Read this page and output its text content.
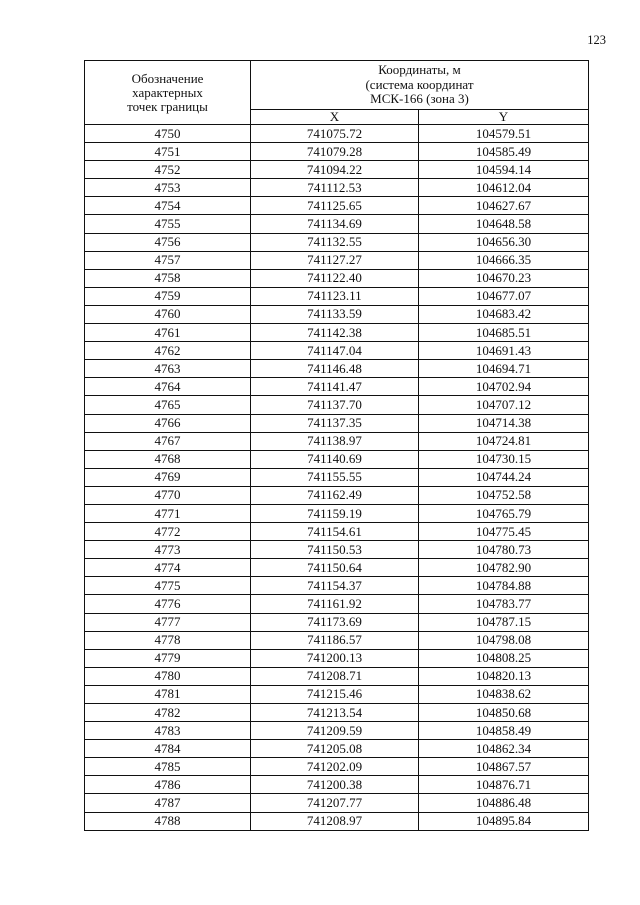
123
Обозначение
характерных
точек границы	Координаты, м
(система координат
МСК-166 (зона 3)	

	X	Y
4750	741075.72	104579.51
4751	741079.28	104585.49
4752	741094.22	104594.14
4753	741112.53	104612.04
4754	741125.65	104627.67
4755	741134.69	104648.58
4756	741132.55	104656.30
4757	741127.27	104666.35
4758	741122.40	104670.23
4759	741123.11	104677.07
4760	741133.59	104683.42
4761	741142.38	104685.51
4762	741147.04	104691.43
4763	741146.48	104694.71
4764	741141.47	104702.94
4765	741137.70	104707.12
4766	741137.35	104714.38
4767	741138.97	104724.81
4768	741140.69	104730.15
4769	741155.55	104744.24
4770	741162.49	104752.58
4771	741159.19	104765.79
4772	741154.61	104775.45
4773	741150.53	104780.73
4774	741150.64	104782.90
4775	741154.37	104784.88
4776	741161.92	104783.77
4777	741173.69	104787.15
4778	741186.57	104798.08
4779	741200.13	104808.25
4780	741208.71	104820.13
4781	741215.46	104838.62
4782	741213.54	104850.68
4783	741209.59	104858.49
4784	741205.08	104862.34
4785	741202.09	104867.57
4786	741200.38	104876.71
4787	741207.77	104886.48
4788	741208.97	104895.84
